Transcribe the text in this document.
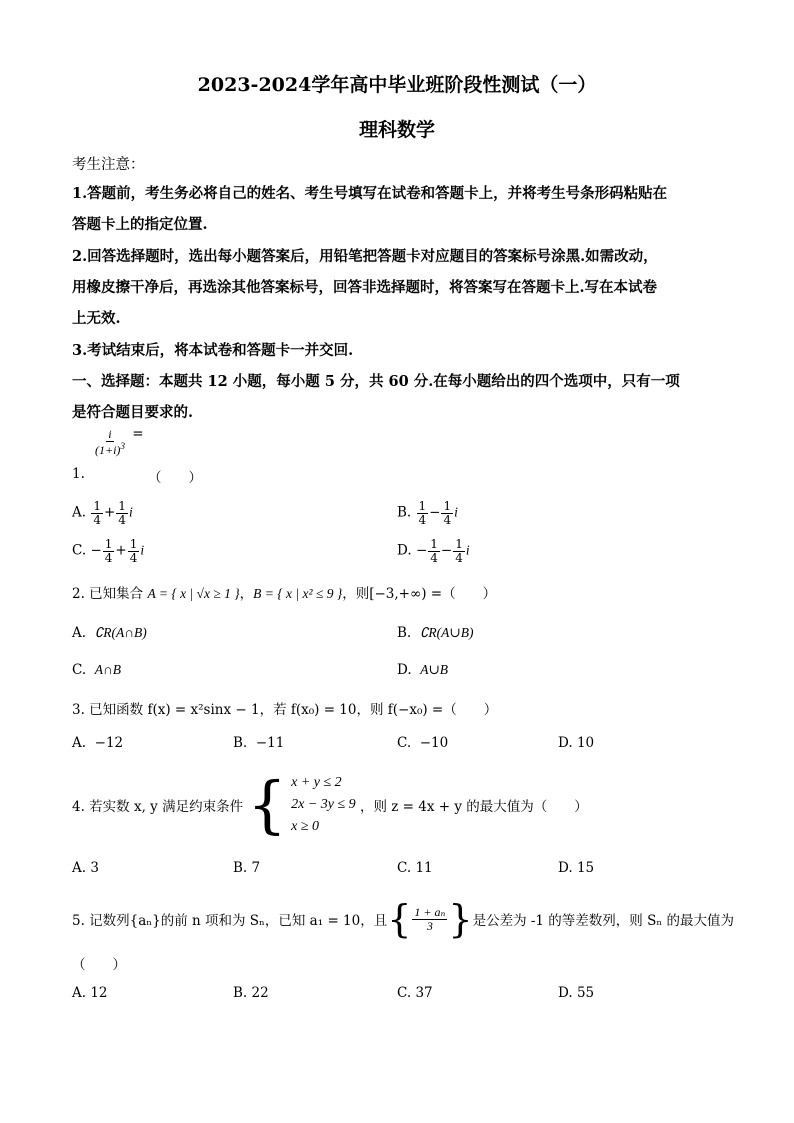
2023-2024学年高中毕业班阶段性测试（一）
理科数学
考生注意：
1.答题前，考生务必将自己的姓名、考生号填写在试卷和答题卡上，并将考生号条形码粘贴在
答题卡上的指定位置.
2.回答选择题时，选出每小题答案后，用铅笔把答题卡对应题目的答案标号涂黑.如需改动，
用橡皮擦干净后，再选涂其他答案标号，回答非选择题时，将答案写在答题卡上.写在本试卷
上无效.
3.考试结束后，将本试卷和答题卡一并交回.
一、选择题：本题共 12 小题，每小题 5 分，共 60 分.在每小题给出的四个选项中，只有一项
是符合题目要求的.
$\frac{i}{(1+i)^3}$ =
1.	（　　）
A. $\frac{1}{4} + \frac{1}{4}$ i	B. $\frac{1}{4} - \frac{1}{4}$ i
C. − $\frac{1}{4} + \frac{1}{4}$ i	D. − $\frac{1}{4} - \frac{1}{4}$ i
2. 已知集合 A = { x | √x ≥ 1 }，B = { x | x² ≤ 9 }，则[−3,+∞) =（　　）
A. ∁R(A∩B)	B. ∁R(A∪B)
C. A∩B	D. A∪B
3. 已知函数 f(x) = x²sinx − 1，若 f(x₀) = 10，则 f(−x₀) =（　　）
A. −12	B. −11	C. −10	D. 10
4. 若实数 x, y 满足约束条件 { x + y ≤ 2
2x − 3y ≤ 9
x ≥ 0
，则 z = 4x + y 的最大值为（　　）
A. 3	B. 7	C. 11	D. 15
5. 记数列{aₙ}的前 n 项和为 Sₙ，已知 a₁ = 10，且{ $\frac{\text{1 + aₙ}}{3}$ }是公差为 -1 的等差数列，则 Sₙ 的最大值为
（　　）
A. 12	B. 22	C. 37	D. 55
